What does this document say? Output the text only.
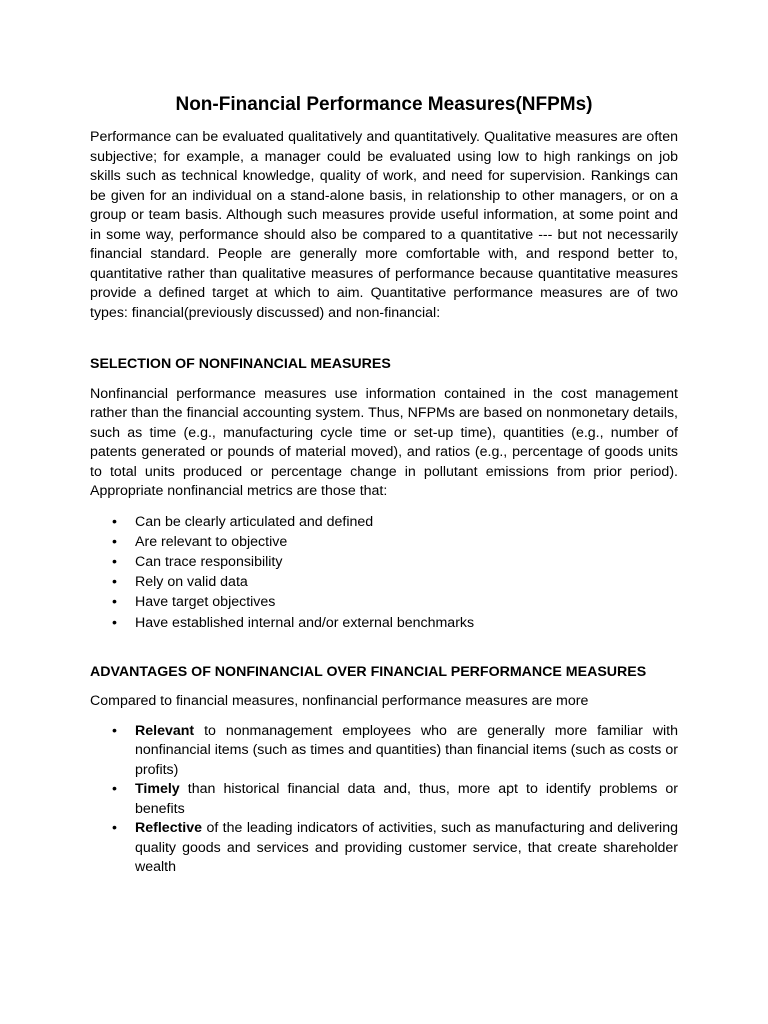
Non-Financial Performance Measures(NFPMs)

Performance can be evaluated qualitatively and quantitatively. Qualitative measures are often subjective; for example, a manager could be evaluated using low to high rankings on job skills such as technical knowledge, quality of work, and need for supervision. Rankings can be given for an individual on a stand-alone basis, in relationship to other managers, or on a group or team basis. Although such measures provide useful information, at some point and in some way, performance should also be compared to a quantitative --- but not necessarily financial standard. People are generally more comfortable with, and respond better to, quantitative rather than qualitative measures of performance because quantitative measures provide a defined target at which to aim. Quantitative performance measures are of two types: financial(previously discussed) and non-financial:

SELECTION OF NONFINANCIAL MEASURES

Nonfinancial performance measures use information contained in the cost management rather than the financial accounting system. Thus, NFPMs are based on nonmonetary details, such as time (e.g., manufacturing cycle time or set-up time), quantities (e.g., number of patents generated or pounds of material moved), and ratios (e.g., percentage of goods units to total units produced or percentage change in pollutant emissions from prior period). Appropriate nonfinancial metrics are those that:

• Can be clearly articulated and defined
• Are relevant to objective
• Can trace responsibility
• Rely on valid data
• Have target objectives
• Have established internal and/or external benchmarks
ADVANTAGES OF NONFINANCIAL OVER FINANCIAL PERFORMANCE MEASURES

Compared to financial measures, nonfinancial performance measures are more

• Relevant to nonmanagement employees who are generally more familiar with nonfinancial items (such as times and quantities) than financial items (such as costs or profits)
• Timely than historical financial data and, thus, more apt to identify problems or benefits
• Reflective of the leading indicators of activities, such as manufacturing and delivering quality goods and services and providing customer service, that create shareholder wealth
